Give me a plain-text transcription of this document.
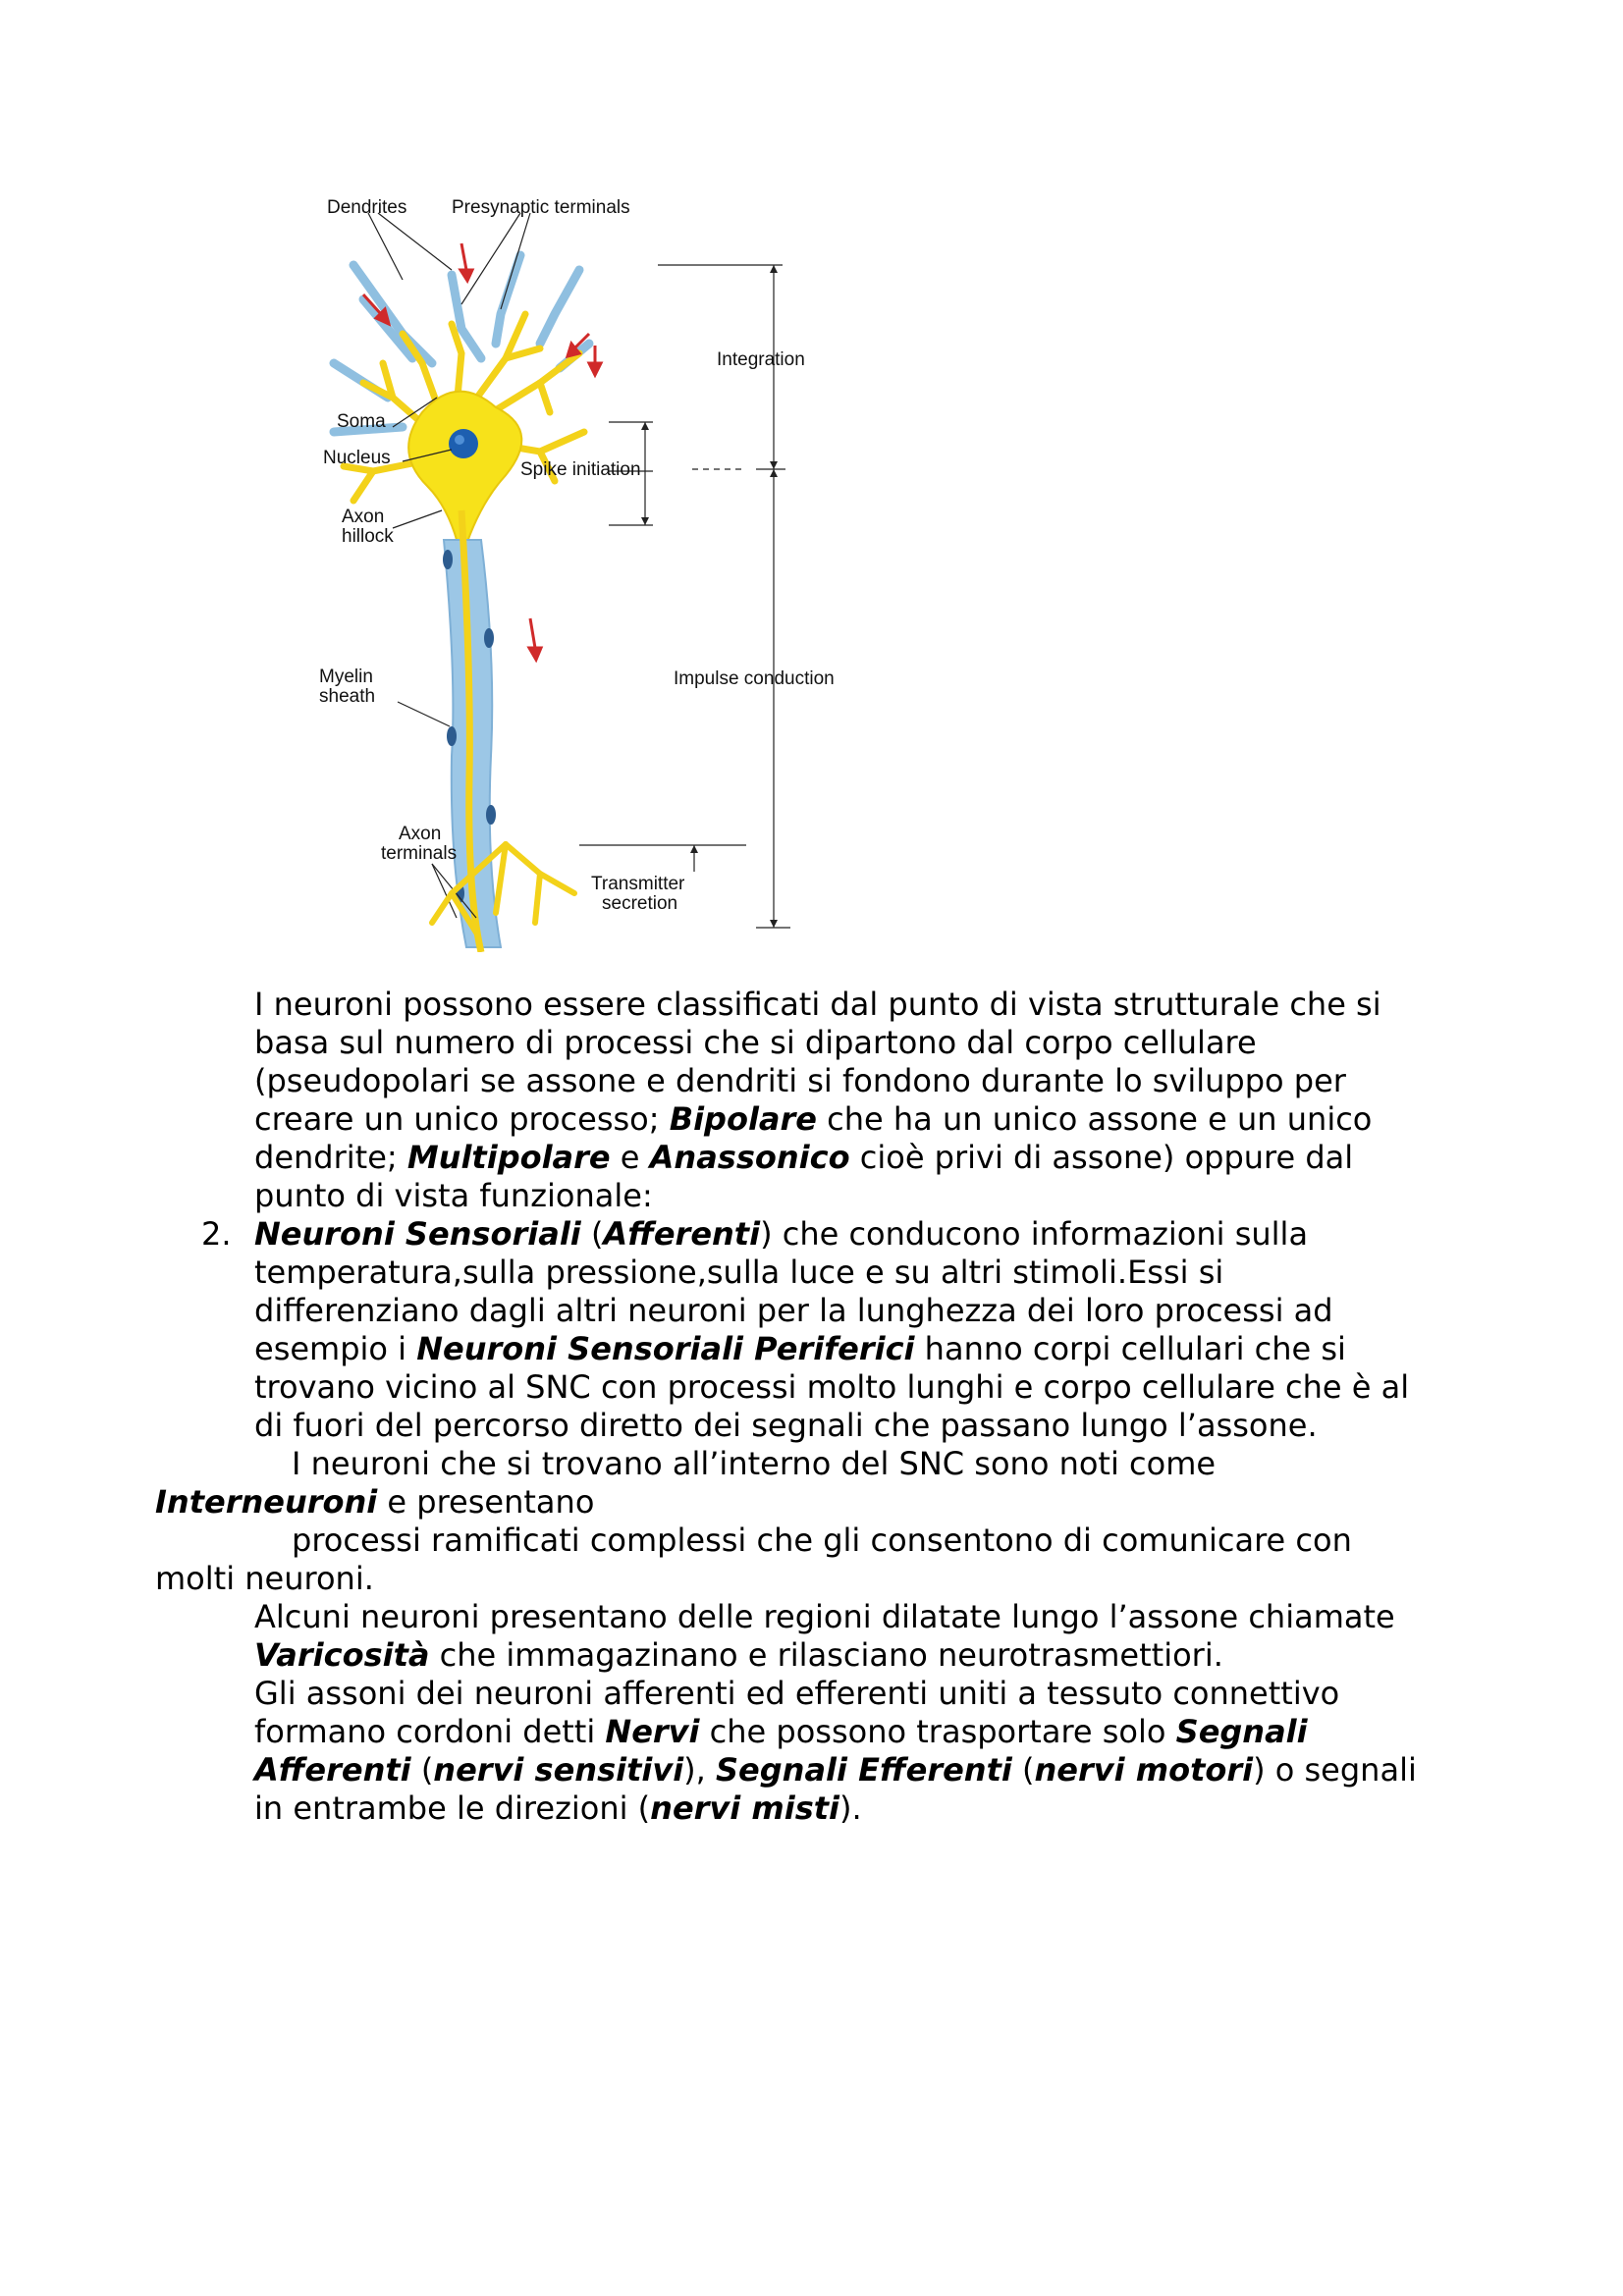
Dendrites Presynaptic terminals
Integration
Soma
Nucleus
Spike initiation
Axon
hillock
Myelin
sheath
Impulse conduction
Axon
terminals
Transmitter
secretion
I neuroni possono essere classificati dal punto di vista strutturale che si
basa sul numero di processi che si dipartono dal corpo cellulare
(pseudopolari se assone e dendriti si fondono durante lo sviluppo per
creare un unico processo; Bipolare che ha un unico assone e un unico
dendrite; Multipolare e Anassonico cioè privi di assone) oppure dal
punto di vista funzionale:
2. Neuroni Sensoriali (Afferenti) che conducono informazioni sulla
temperatura,sulla pressione,sulla luce e su altri stimoli.Essi si
differenziano dagli altri neuroni per la lunghezza dei loro processi ad
esempio i Neuroni Sensoriali Periferici hanno corpi cellulari che si
trovano vicino al SNC con processi molto lunghi e corpo cellulare che è al
di fuori del percorso diretto dei segnali che passano lungo l’assone.
I neuroni che si trovano all’interno del SNC sono noti come
Interneuroni e presentano
processi ramificati complessi che gli consentono di comunicare con
molti neuroni.
Alcuni neuroni presentano delle regioni dilatate lungo l’assone chiamate
Varicosità che immagazinano e rilasciano neurotrasmettiori.
Gli assoni dei neuroni afferenti ed efferenti uniti a tessuto connettivo
formano cordoni detti Nervi che possono trasportare solo Segnali
Afferenti (nervi sensitivi), Segnali Efferenti (nervi motori) o segnali
in entrambe le direzioni (nervi misti).
